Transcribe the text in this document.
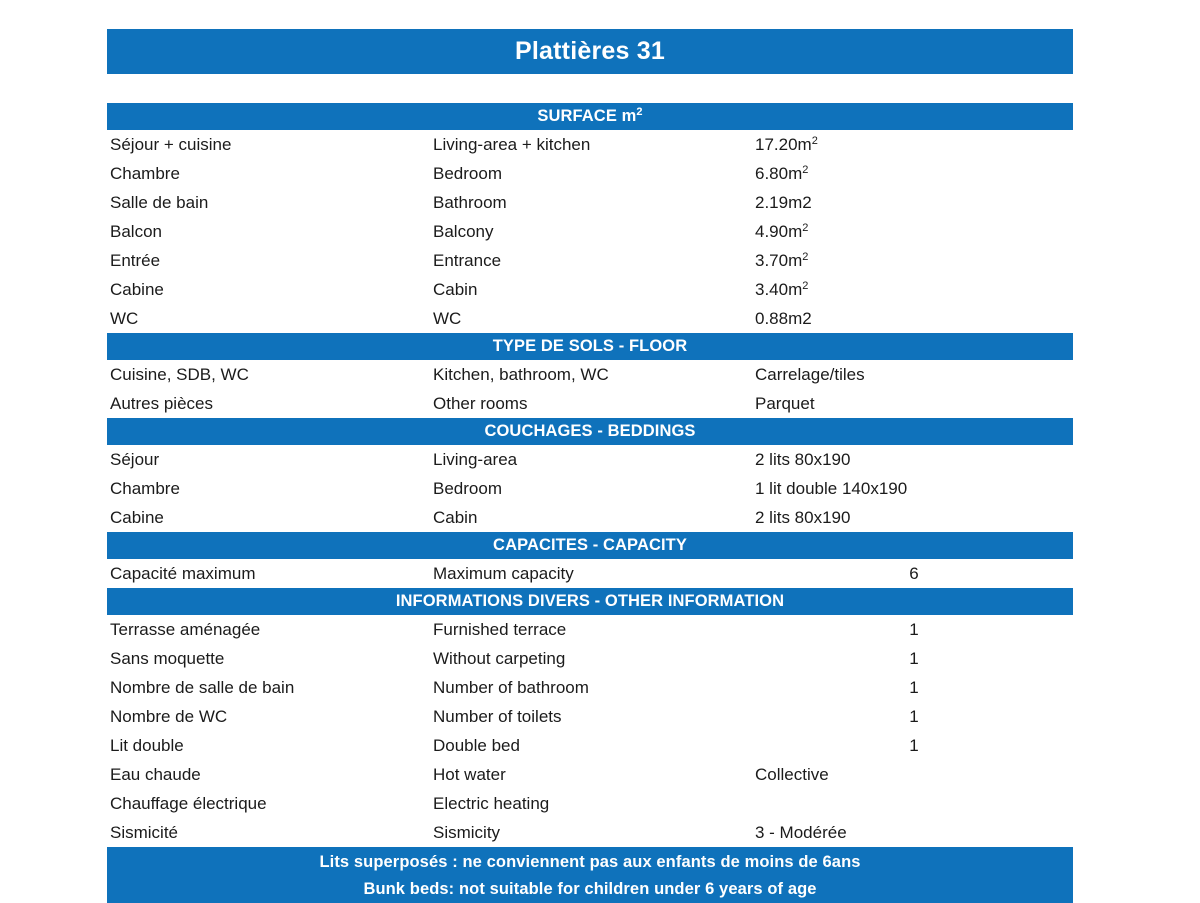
Plattières 31
SURFACE $m^2$
Séjour + cuisine	Living-area + kitchen	$17.20m^2$
Chambre	Bedroom	$6.80m^2$
Salle de bain	Bathroom	2.19m2
Balcon	Balcony	$4.90m^2$
Entrée	Entrance	$3.70m^2$
Cabine	Cabin	$3.40m^2$
WC	WC	0.88m2
TYPE DE SOLS - FLOOR
Cuisine, SDB, WC	Kitchen, bathroom, WC	Carrelage/tiles
Autres pièces	Other rooms	Parquet
COUCHAGES - BEDDINGS
Séjour	Living-area	2 lits 80x190
Chambre	Bedroom	1 lit double 140x190
Cabine	Cabin	2 lits 80x190
CAPACITES - CAPACITY
Capacité maximum	Maximum capacity	6
INFORMATIONS DIVERS - OTHER INFORMATION
Terrasse aménagée	Furnished terrace	1
Sans moquette	Without carpeting	1
Nombre de salle de bain	Number of bathroom	1
Nombre de WC	Number of toilets	1
Lit double	Double bed	1
Eau chaude	Hot water	Collective
Chauffage électrique	Electric heating
Sismicité	Sismicity	3 - Modérée
Lits superposés : ne conviennent pas aux enfants de moins de 6ans
Bunk beds: not suitable for children under 6 years of age
